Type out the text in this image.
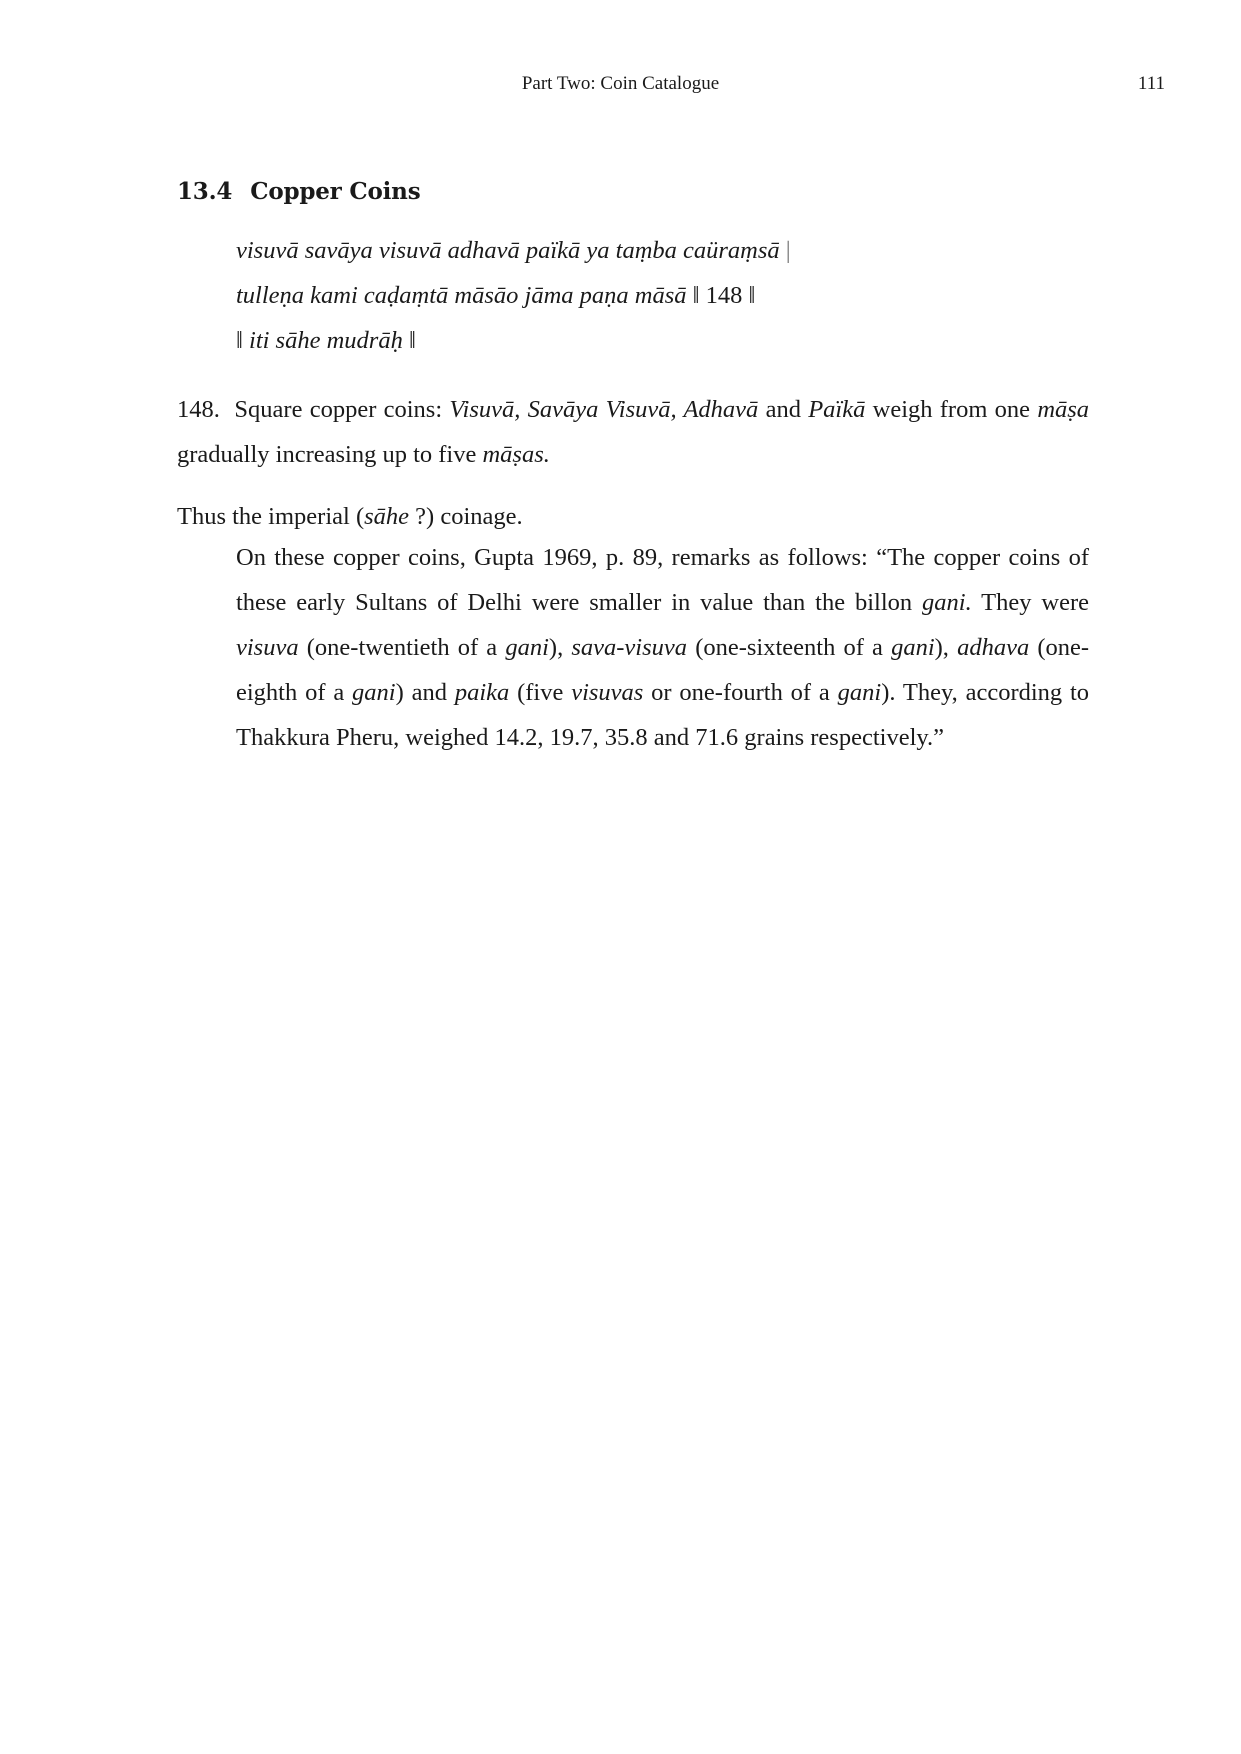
Part Two: Coin Catalogue	111
13.4 Copper Coins
visuvā savāya visuvā adhavā païkā ya taṃba caüraṃsā |
tulleṇa kami caḍaṃtā māsāo jāma paṇa māsā ‖ 148 ‖
‖ iti sāhe mudrāḥ ‖

148. Square copper coins: Visuvā, Savāya Visuvā, Adhavā and Païkā weigh from one māṣa gradually increasing up to five māṣas.

Thus the imperial (sāhe ?) coinage.

On these copper coins, Gupta 1969, p. 89, remarks as follows: “The copper coins of these early Sultans of Delhi were smaller in value than the billon gani. They were visuva (one-twentieth of a gani), sava-visuva (one-sixteenth of a gani), adhava (one-eighth of a gani) and paika (five visuvas or one-fourth of a gani). They, according to Thakkura Pheru, weighed 14.2, 19.7, 35.8 and 71.6 grains respectively.”
